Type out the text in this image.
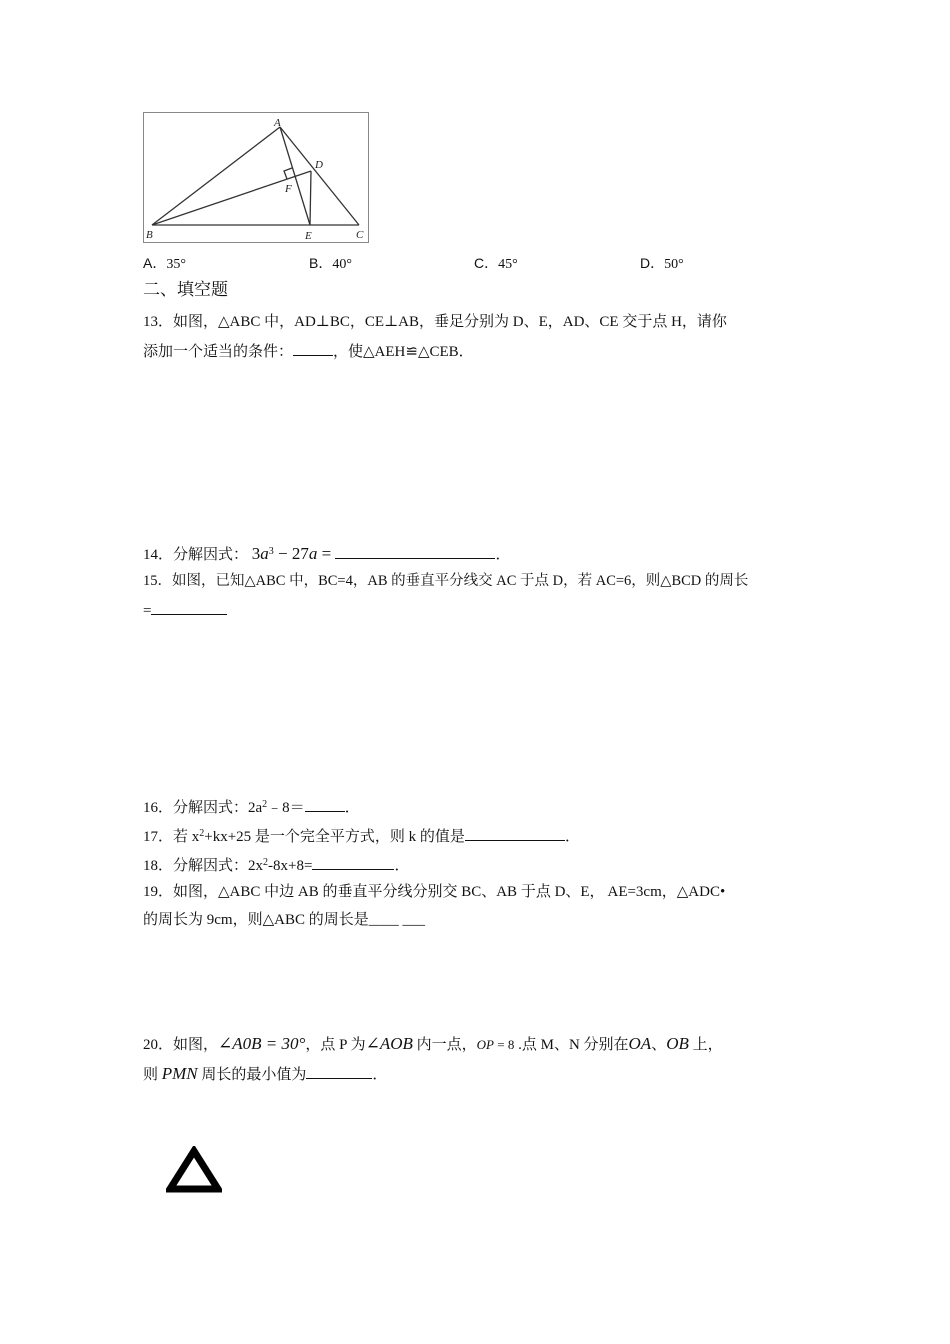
A
B	C
D
E
F
A．35°	B．40°	C．45°	D．50°
二、填空题
13．如图，△ABC 中，AD⊥BC，CE⊥AB，垂足分别为 D、E，AD、CE 交于点 H，请你
添加一个适当的条件：	，使△AEH≌△CEB．
14．分解因式： $3a^3 - 27a$ =	．
15．如图，已知△ABC 中，BC=4，AB 的垂直平分线交 AC 于点 D，若 AC=6，则△BCD 的周长
=
16．分解因式：$2a^2﹣8=$	．
17．若 $x^2+kx+25$ 是一个完全平方式，则 k 的值是	．
18．分解因式：$2x^2-8x+8=$	．
19．如图，△ABC 中边 AB 的垂直平分线分别交 BC、AB 于点 D、E， AE=3cm，△ADC•
的周长为 9cm，则△ABC 的周长是____ ___
20．如图，∠A0B = 30°，点 P 为∠AOB 内一点，OP = 8 .点 M、N 分别在OA、OB 上，
则 PMN 周长的最小值为	．
